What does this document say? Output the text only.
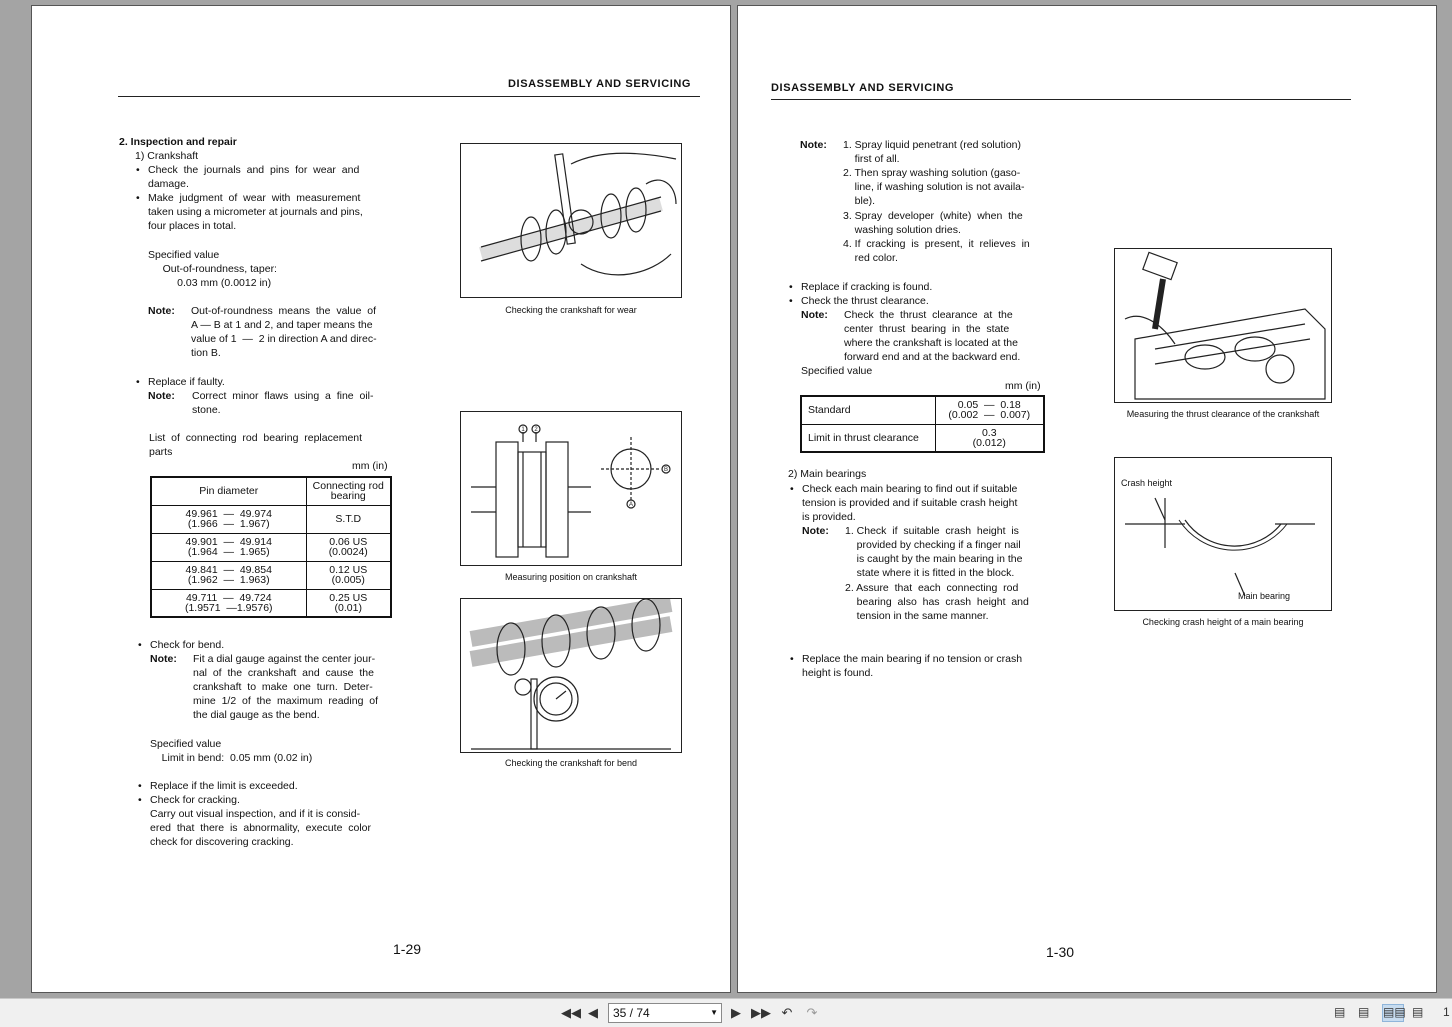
DISASSEMBLY AND SERVICING
2. Inspection and repair
1) Crankshaft
• Check  the  journals  and  pins  for  wear  and
damage.
• Make  judgment  of  wear  with  measurement
taken using a micrometer at journals and pins,
four places in total.
Specified value
Out-of-roundness, taper:
0.03 mm (0.0012 in)
Note: Out-of-roundness  means  the  value  of
A — B at 1 and 2, and taper means the
value of 1  —  2 in direction A and direc-
tion B.
• Replace if faulty.
Note: Correct  minor  flaws  using  a  fine  oil-
stone.
List  of  connecting  rod  bearing  replacement
parts
mm (in)
Pin diameter	Connecting rod
bearing
49.961  —  49.974
(1.966  —  1.967)	S.T.D
49.901  —  49.914
(1.964  —  1.965)	0.06 US
(0.0024)
49.841  —  49.854
(1.962  —  1.963)	0.12 US
(0.005)
49.711  —  49.724
(1.9571  —1.9576)	0.25 US
(0.01)
• Check for bend.
Note: Fit a dial gauge against the center jour-
nal  of  the  crankshaft  and  cause  the
crankshaft  to  make  one  turn.  Deter-
mine  1/2  of  the  maximum  reading  of
the dial gauge as the bend.
Specified value
Limit in bend:  0.05 mm (0.02 in)
• Replace if the limit is exceeded.
• Check for cracking.
Carry out visual inspection, and if it is consid-
ered  that  there  is  abnormality,  execute  color
check for discovering cracking.
Checking the crankshaft for wear
1 2
B
A
Measuring position on crankshaft
Checking the crankshaft for bend
1-29
DISASSEMBLY AND SERVICING
Note: 1. Spray liquid penetrant (red solution)
first of all.
2. Then spray washing solution (gaso-
line, if washing solution is not availa-
ble).
3. Spray  developer  (white)  when  the
washing solution dries.
4. If  cracking  is  present,  it  relieves  in
red color.
• Replace if cracking is found.
• Check the thrust clearance.
Note: Check  the  thrust  clearance  at  the
center  thrust  bearing  in  the  state
where the crankshaft is located at the
forward end and at the backward end.
Specified value
mm (in)
Standard	0.05  —  0.18
(0.002  —  0.007)
Limit in thrust clearance	0.3
(0.012)
2) Main bearings
• Check each main bearing to find out if suitable
tension is provided and if suitable crash height
is provided.
Note: 1. Check  if  suitable  crash  height  is
provided by checking if a finger nail
is caught by the main bearing in the
state where it is fitted in the block.
2. Assure  that  each  connecting  rod
bearing  also  has  crash  height  and
tension in the same manner.
• Replace the main bearing if no tension or crash
height is found.
Measuring the thrust clearance of the crankshaft
Crash height
Main bearing
Checking crash height of a main bearing
1-30
◀◀ ◀	35 / 74	▼	▶ ▶▶ ↶ ↷	▤ ▤ ▤▤ ▤	1
